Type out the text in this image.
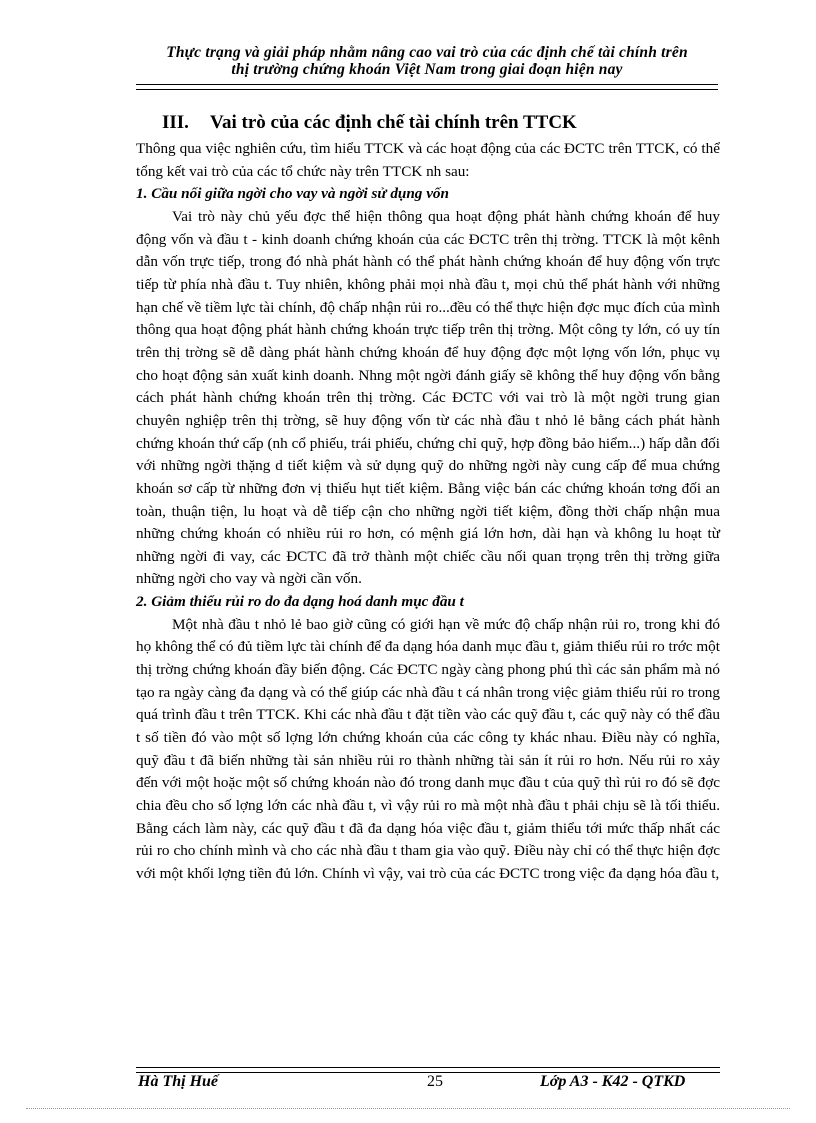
Thực trạng và giải pháp nhằm nâng cao vai trò của các định chế tài chính trên
thị trường chứng khoán Việt Nam trong giai đoạn hiện nay
III. Vai trò của các định chế tài chính trên TTCK

Thông qua việc nghiên cứu, tìm hiểu TTCK và các hoạt động của các ĐCTC trên TTCK, có thể tổng kết vai trò của các tổ chức này trên TTCK nh sau:

1. Cầu nối giữa ngời cho vay và ngời sử dụng vốn

Vai trò này chủ yếu đợc thể hiện thông qua hoạt động phát hành chứng khoán để huy động vốn và đầu t - kinh doanh chứng khoán của các ĐCTC trên thị trờng. TTCK là một kênh dẫn vốn trực tiếp, trong đó nhà phát hành có thể phát hành chứng khoán để huy động vốn trực tiếp từ phía nhà đầu t. Tuy nhiên, không phải mọi nhà đầu t, mọi chủ thể phát hành với những hạn chế về tiềm lực tài chính, độ chấp nhận rủi ro...đều có thể thực hiện đợc mục đích của mình thông qua hoạt động phát hành chứng khoán trực tiếp trên thị trờng. Một công ty lớn, có uy tín trên thị trờng sẽ dễ dàng phát hành chứng khoán để huy động đợc một lợng vốn lớn, phục vụ cho hoạt động sản xuất kinh doanh. Nhng một ngời đánh giấy sẽ không thể huy động vốn bằng cách phát hành chứng khoán trên thị trờng. Các ĐCTC với vai trò là một ngời trung gian chuyên nghiệp trên thị trờng, sẽ huy động vốn từ các nhà đầu t nhỏ lẻ bằng cách phát hành chứng khoán thứ cấp (nh cổ phiếu, trái phiếu, chứng chỉ quỹ, hợp đồng bảo hiểm...) hấp dẫn đối với những ngời thặng d tiết kiệm và sử dụng quỹ do những ngời này cung cấp để mua chứng khoán sơ cấp từ những đơn vị thiếu hụt tiết kiệm. Bằng việc bán các chứng khoán tơng đối an toàn, thuận tiện, lu hoạt và dễ tiếp cận cho những ngời tiết kiệm, đồng thời chấp nhận mua những chứng khoán có nhiều rủi ro hơn, có mệnh giá lớn hơn, dài hạn và không lu hoạt từ những ngời đi vay, các ĐCTC đã trở thành một chiếc cầu nối quan trọng trên thị trờng giữa những ngời cho vay và ngời cần vốn.

2. Giảm thiểu rủi ro do đa dạng hoá danh mục đầu t

Một nhà đầu t nhỏ lẻ bao giờ cũng có giới hạn về mức độ chấp nhận rủi ro, trong khi đó họ không thể có đủ tiềm lực tài chính để đa dạng hóa danh mục đầu t, giảm thiểu rủi ro trớc một thị trờng chứng khoán đầy biến động. Các ĐCTC ngày càng phong phú thì các sản phẩm mà nó tạo ra ngày càng đa dạng và có thể giúp các nhà đầu t cá nhân trong việc giảm thiểu rủi ro trong quá trình đầu t trên TTCK. Khi các nhà đầu t đặt tiền vào các quỹ đầu t, các quỹ này có thể đầu t số tiền đó vào một số lợng lớn chứng khoán của các công ty khác nhau. Điều này có nghĩa, quỹ đầu t đã biến những tài sản nhiều rủi ro thành những tài sản ít rủi ro hơn. Nếu rủi ro xảy đến với một hoặc một số chứng khoán nào đó trong danh mục đầu t của quỹ thì rủi ro đó sẽ đợc chia đều cho số lợng lớn các nhà đầu t, vì vậy rủi ro mà một nhà đầu t phải chịu sẽ là tối thiểu. Bằng cách làm này, các quỹ đầu t đã đa dạng hóa việc đầu t, giảm thiểu tới mức thấp nhất các rủi ro cho chính mình và cho các nhà đầu t tham gia vào quỹ. Điều này chỉ có thể thực hiện đợc với một khối lợng tiền đủ lớn. Chính vì vậy, vai trò của các ĐCTC trong việc đa dạng hóa đầu t,

Hà Thị Huế	25	Lớp A3 - K42 - QTKD
